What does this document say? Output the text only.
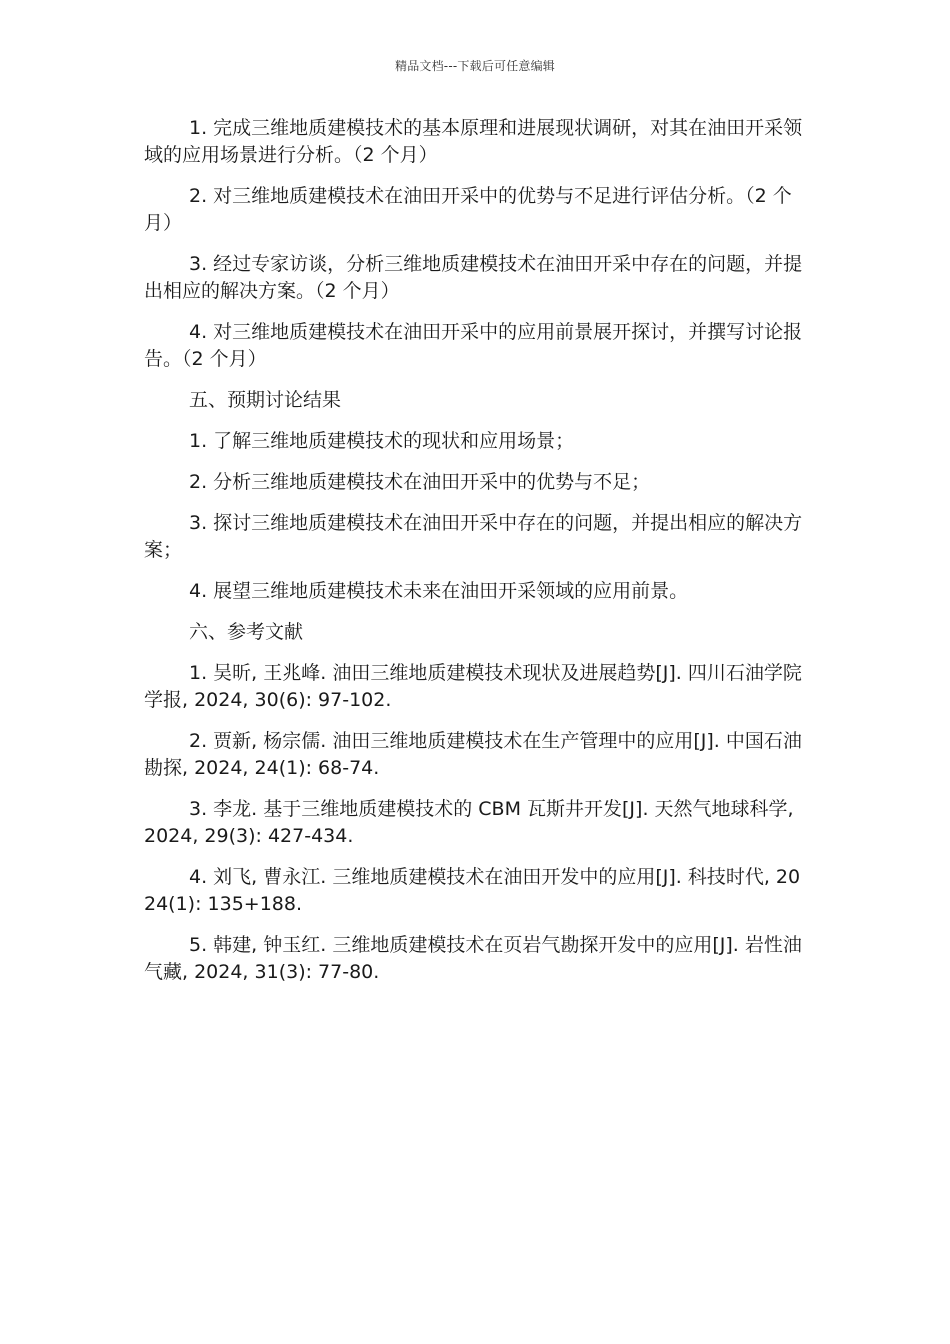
精品文档---下载后可任意编辑

1. 完成三维地质建模技术的基本原理和进展现状调研，对其在油田开采领域的应用场景进行分析。（2 个月）

2. 对三维地质建模技术在油田开采中的优势与不足进行评估分析。（2 个月）

3. 经过专家访谈，分析三维地质建模技术在油田开采中存在的问题，并提出相应的解决方案。（2 个月）

4. 对三维地质建模技术在油田开采中的应用前景展开探讨，并撰写讨论报告。（2 个月）

五、预期讨论结果

1. 了解三维地质建模技术的现状和应用场景；

2. 分析三维地质建模技术在油田开采中的优势与不足；

3. 探讨三维地质建模技术在油田开采中存在的问题，并提出相应的解决方案；

4. 展望三维地质建模技术未来在油田开采领域的应用前景。

六、参考文献

1. 吴昕, 王兆峰. 油田三维地质建模技术现状及进展趋势[J]. 四川石油学院学报, 2024, 30(6): 97-102.

2. 贾新, 杨宗儒. 油田三维地质建模技术在生产管理中的应用[J]. 中国石油勘探, 2024, 24(1): 68-74.

3. 李龙. 基于三维地质建模技术的 CBM 瓦斯井开发[J]. 天然气地球科学, 2024, 29(3): 427-434.

4. 刘飞, 曹永江. 三维地质建模技术在油田开发中的应用[J]. 科技时代, 2024(1): 135+188.

5. 韩建, 钟玉红. 三维地质建模技术在页岩气勘探开发中的应用[J]. 岩性油气藏, 2024, 31(3): 77-80.
